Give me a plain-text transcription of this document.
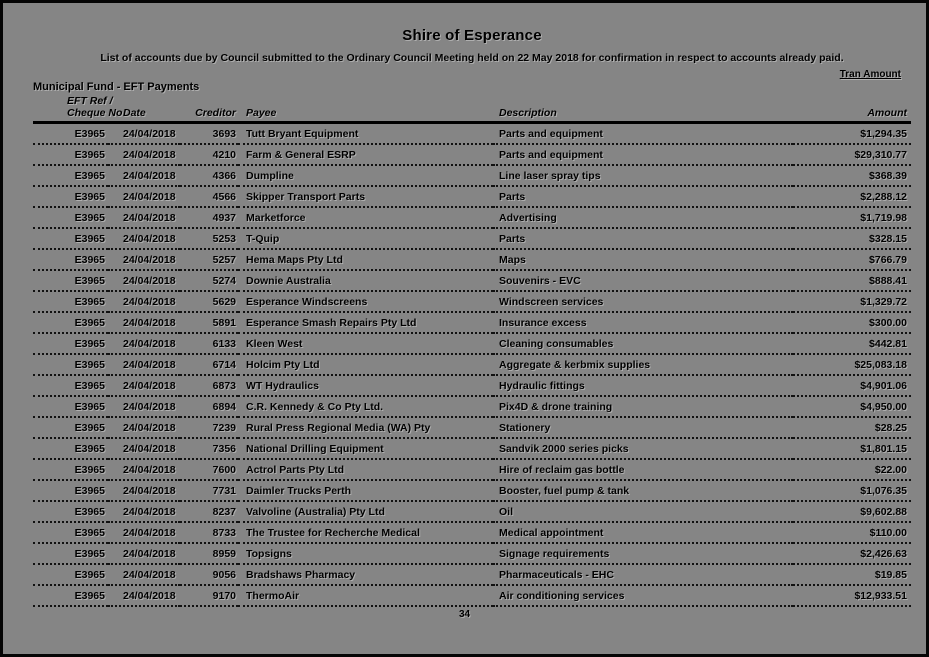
Shire of Esperance
List of accounts due by Council submitted to the Ordinary Council Meeting held on 22 May 2018 for confirmation in respect to accounts already paid.
Tran Amount
Municipal Fund - EFT Payments
EFT Ref /
Cheque No	Date	Creditor	Payee	Description	Amount
E3965	24/04/2018	3693	Tutt Bryant Equipment	Parts and equipment	$1,294.35
E3965	24/04/2018	4210	Farm & General ESRP	Parts and equipment	$29,310.77
E3965	24/04/2018	4366	Dumpline	Line laser spray tips	$368.39
E3965	24/04/2018	4566	Skipper Transport Parts	Parts	$2,288.12
E3965	24/04/2018	4937	Marketforce	Advertising	$1,719.98
E3965	24/04/2018	5253	T-Quip	Parts	$328.15
E3965	24/04/2018	5257	Hema Maps Pty Ltd	Maps	$766.79
E3965	24/04/2018	5274	Downie Australia	Souvenirs - EVC	$888.41
E3965	24/04/2018	5629	Esperance Windscreens	Windscreen services	$1,329.72
E3965	24/04/2018	5891	Esperance Smash Repairs Pty Ltd	Insurance excess	$300.00
E3965	24/04/2018	6133	Kleen West	Cleaning consumables	$442.81
E3965	24/04/2018	6714	Holcim Pty Ltd	Aggregate & kerbmix supplies	$25,083.18
E3965	24/04/2018	6873	WT Hydraulics	Hydraulic fittings	$4,901.06
E3965	24/04/2018	6894	C.R. Kennedy & Co Pty Ltd.	Pix4D & drone training	$4,950.00
E3965	24/04/2018	7239	Rural Press Regional Media (WA) Pty	Stationery	$28.25
E3965	24/04/2018	7356	National Drilling Equipment	Sandvik 2000 series picks	$1,801.15
E3965	24/04/2018	7600	Actrol Parts Pty Ltd	Hire of reclaim gas bottle	$22.00
E3965	24/04/2018	7731	Daimler Trucks Perth	Booster, fuel pump & tank	$1,076.35
E3965	24/04/2018	8237	Valvoline (Australia) Pty Ltd	Oil	$9,602.88
E3965	24/04/2018	8733	The Trustee for Recherche Medical	Medical appointment	$110.00
E3965	24/04/2018	8959	Topsigns	Signage requirements	$2,426.63
E3965	24/04/2018	9056	Bradshaws Pharmacy	Pharmaceuticals - EHC	$19.85
E3965	24/04/2018	9170	ThermoAir	Air conditioning services	$12,933.51
34
